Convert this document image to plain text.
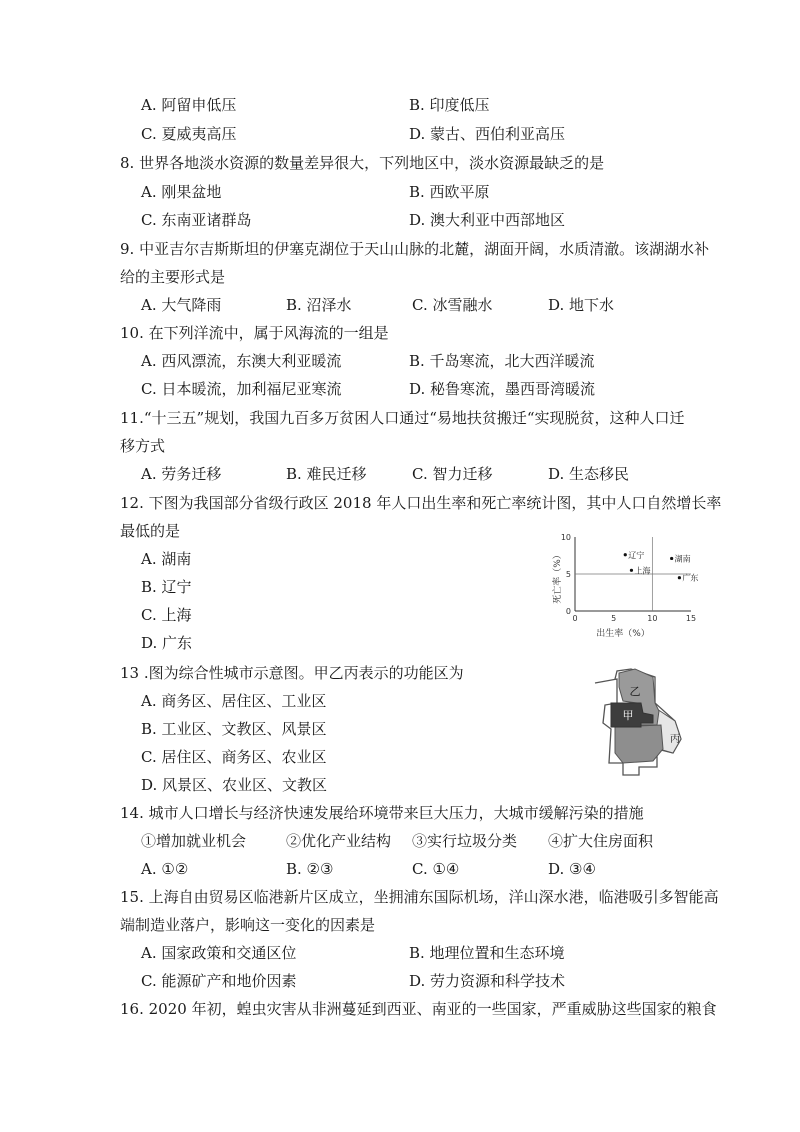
A. 阿留申低压	B. 印度低压
C. 夏威夷高压	D. 蒙古、西伯利亚高压
8. 世界各地淡水资源的数量差异很大，下列地区中，淡水资源最缺乏的是
A. 刚果盆地	B. 西欧平原
C. 东南亚诸群岛	D. 澳大利亚中西部地区
9. 中亚吉尔吉斯斯坦的伊塞克湖位于天山山脉的北麓，湖面开阔，水质清澈。该湖湖水补
给的主要形式是
A. 大气降雨	B. 沼泽水	C. 冰雪融水	D. 地下水
10. 在下列洋流中，属于风海流的一组是
A. 西风漂流，东澳大利亚暖流	B. 千岛寒流，北大西洋暖流
C. 日本暖流，加利福尼亚寒流	D. 秘鲁寒流，墨西哥湾暖流
11.“十三五”规划，我国九百多万贫困人口通过“易地扶贫搬迁“实现脱贫，这种人口迁
移方式
A. 劳务迁移	B. 难民迁移	C. 智力迁移	D. 生态移民
12. 下图为我国部分省级行政区 2018 年人口出生率和死亡率统计图，其中人口自然增长率
最低的是
A. 湖南
B. 辽宁
C. 上海
D. 广东
0	5	10	15
0
5
10
辽宁
上海
湖南
广东
出生率（%）
死亡率（%）
13 .图为综合性城市示意图。甲乙丙表示的功能区为
A. 商务区、居住区、工业区
B. 工业区、文教区、风景区
C. 居住区、商务区、农业区
D. 风景区、农业区、文教区
甲
乙
丙
14. 城市人口增长与经济快速发展给环境带来巨大压力，大城市缓解污染的措施
①增加就业机会	②优化产业结构 ③实行垃圾分类 ④扩大住房面积
A. ①②	B. ②③	C. ①④	D. ③④
15. 上海自由贸易区临港新片区成立，坐拥浦东国际机场，洋山深水港，临港吸引多智能高
端制造业落户，影响这一变化的因素是
A. 国家政策和交通区位	B. 地理位置和生态环境
C. 能源矿产和地价因素	D. 劳力资源和科学技术
16. 2020 年初，蝗虫灾害从非洲蔓延到西亚、南亚的一些国家，严重威胁这些国家的粮食
